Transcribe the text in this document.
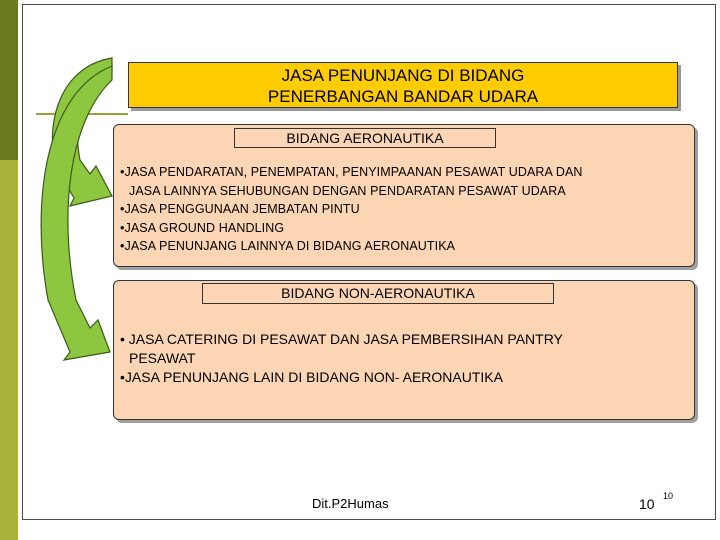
JASA PENUNJANG DI BIDANG
PENERBANGAN BANDAR UDARA
BIDANG AERONAUTIKA
•JASA PENDARATAN, PENEMPATAN, PENYIMPAANAN PESAWAT UDARA DAN
JASA LAINNYA SEHUBUNGAN DENGAN PENDARATAN PESAWAT UDARA
•JASA PENGGUNAAN JEMBATAN PINTU
•JASA GROUND HANDLING
•JASA PENUNJANG LAINNYA DI BIDANG AERONAUTIKA
BIDANG NON-AERONAUTIKA
• JASA CATERING DI PESAWAT DAN JASA PEMBERSIHAN PANTRY
PESAWAT
•JASA PENUNJANG LAIN DI BIDANG NON- AERONAUTIKA
Dit.P2Humas	10 10
